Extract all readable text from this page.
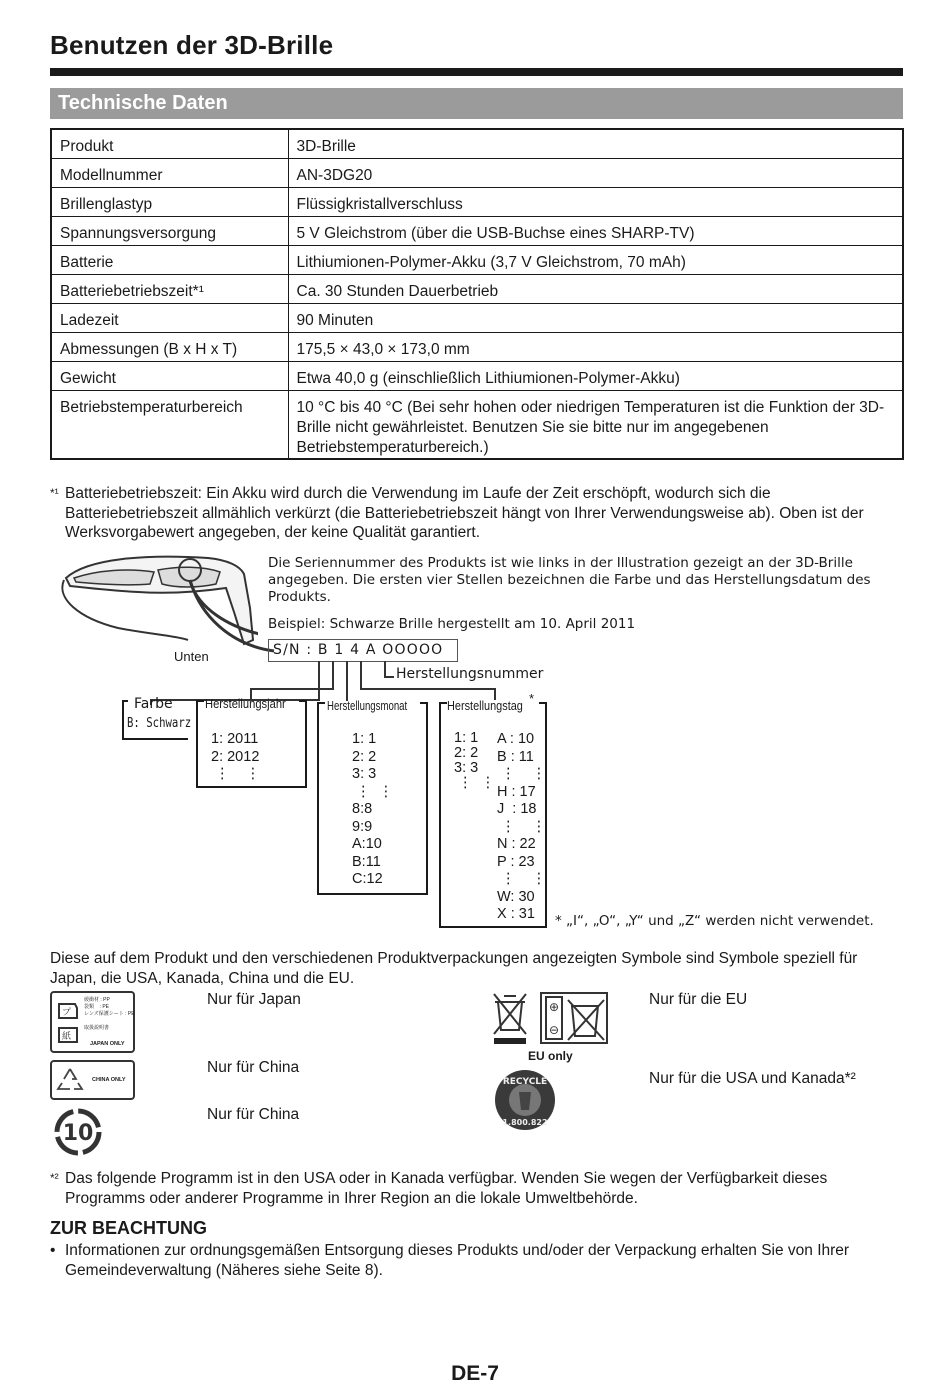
Benutzen der 3D-Brille
Technische Daten
Produkt	3D-Brille
Modellnummer	AN-3DG20
Brillenglastyp	Flüssigkristallverschluss
Spannungsversorgung	5 V Gleichstrom (über die USB-Buchse eines SHARP-TV)
Batterie	Lithiumionen-Polymer-Akku (3,7 V Gleichstrom, 70 mAh)
Batteriebetriebszeit*¹	Ca. 30 Stunden Dauerbetrieb
Ladezeit	90 Minuten
Abmessungen (B x H x T)	175,5 × 43,0 × 173,0 mm
Gewicht	Etwa 40,0 g (einschließlich Lithiumionen-Polymer-Akku)
Betriebstemperaturbereich	10 °C bis 40 °C (Bei sehr hohen oder niedrigen Temperaturen ist die Funktion der 3D-Brille nicht gewährleistet. Benutzen Sie sie bitte nur im angegebenen Betriebstemperaturbereich.)
*¹ Batteriebetriebszeit: Ein Akku wird durch die Verwendung im Laufe der Zeit erschöpft, wodurch sich die Batteriebetriebszeit allmählich verkürzt (die Batteriebetriebszeit hängt von Ihrer Verwendungsweise ab). Oben ist der Werksvorgabewert angegeben, der keine Qualität garantiert.
Unten
Die Seriennummer des Produkts ist wie links in der Illustration gezeigt an der 3D-Brille angegeben. Die ersten vier Stellen bezeichnen die Farbe und das Herstellungsdatum des Produkts.
Beispiel: Schwarze Brille hergestellt am 10. April 2011
S/N : B 1 4 A OOOOO
Herstellungsnummer
Farbe
B: Schwarz
Herstellungsjahr
1: 2011
2: 2012
⋮    ⋮
Herstellungsmonat
1: 1
2: 2
3: 3
⋮  ⋮
8:8
9:9
A:10
B:11
C:12
Herstellungstag *
1: 1
2: 2
3: 3
⋮  ⋮
A : 10
B : 11
⋮    ⋮
H : 17
J  : 18
⋮    ⋮
N : 22
P : 23
⋮    ⋮
W: 30
X : 31	* „I“, „O“, „Y“ und „Z“ werden nicht verwendet.
Diese auf dem Produkt und den verschiedenen Produktverpackungen angezeigten Symbole sind Symbole speziell für Japan, die USA, Kanada, China und die EU.
プ
紙
緩衝材 : PP
袋類    : PE
レンズ保護シート : PE

取扱説明書
JAPAN ONLY
Nur für Japan
CHINA ONLY
Nur für China
10
Nur für China
⊕
⊖
EU only
Nur für die EU
RECYCLE
1.800.822
Nur für die USA und Kanada*²
*² Das folgende Programm ist in den USA oder in Kanada verfügbar. Wenden Sie wegen der Verfügbarkeit dieses Programms oder anderer Programme in Ihrer Region an die lokale Umweltbehörde.
ZUR BEACHTUNG
• Informationen zur ordnungsgemäßen Entsorgung dieses Produkts und/oder der Verpackung erhalten Sie von Ihrer Gemeindeverwaltung (Näheres siehe Seite 8).
DE-7
